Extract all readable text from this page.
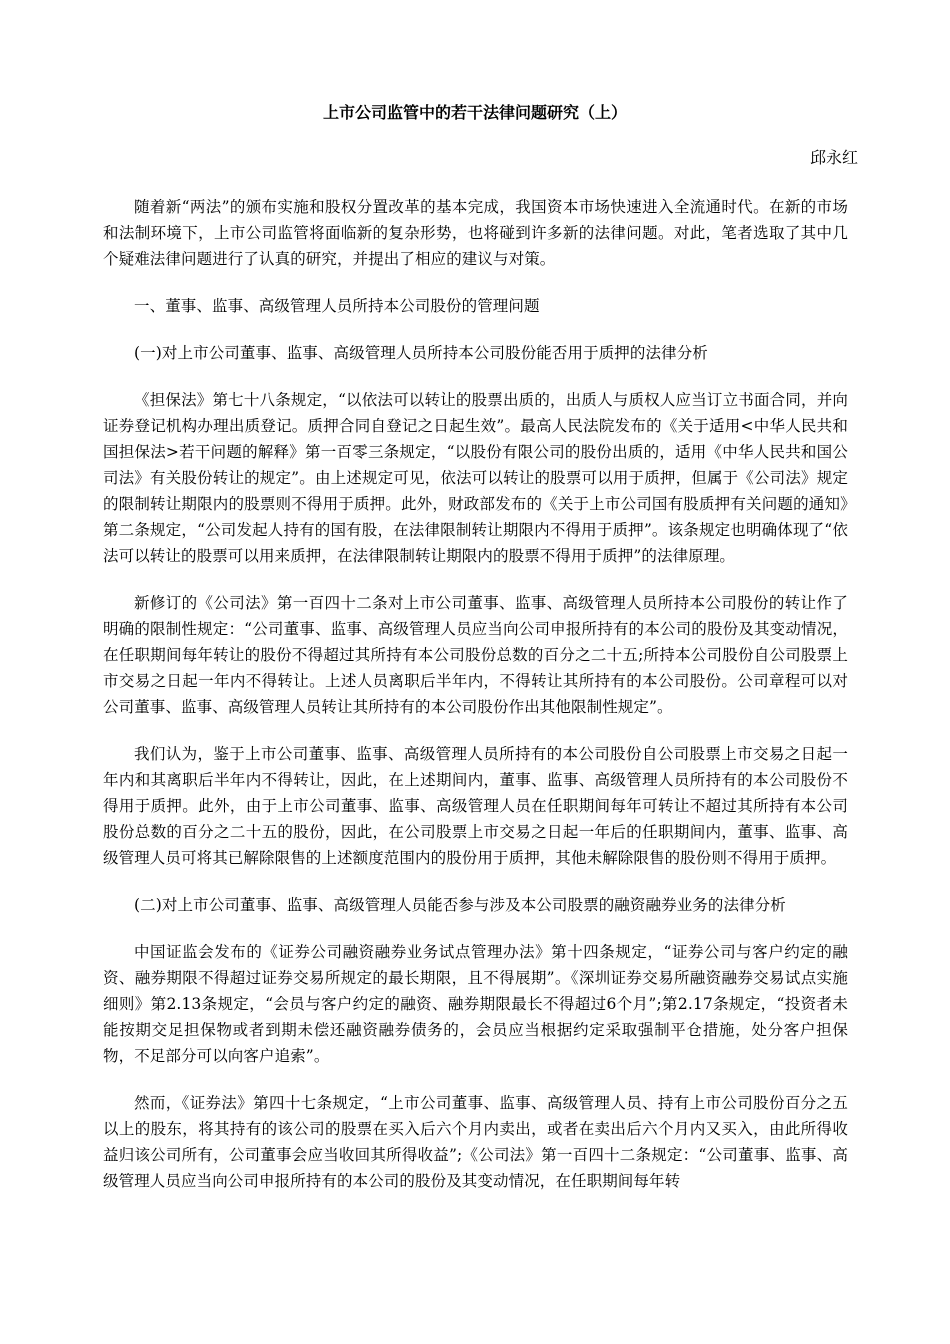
上市公司监管中的若干法律问题研究（上）
邱永红

随着新“两法”的颁布实施和股权分置改革的基本完成，我国资本市场快速进入全流通时代。在新的市场和法制环境下，上市公司监管将面临新的复杂形势，也将碰到许多新的法律问题。对此，笔者选取了其中几个疑难法律问题进行了认真的研究，并提出了相应的建议与对策。

一、董事、监事、高级管理人员所持本公司股份的管理问题

(一)对上市公司董事、监事、高级管理人员所持本公司股份能否用于质押的法律分析

《担保法》第七十八条规定，“以依法可以转让的股票出质的，出质人与质权人应当订立书面合同，并向证券登记机构办理出质登记。质押合同自登记之日起生效”。最高人民法院发布的《关于适用<中华人民共和国担保法>若干问题的解释》第一百零三条规定，“以股份有限公司的股份出质的，适用《中华人民共和国公司法》有关股份转让的规定”。由上述规定可见，依法可以转让的股票可以用于质押，但属于《公司法》规定的限制转让期限内的股票则不得用于质押。此外，财政部发布的《关于上市公司国有股质押有关问题的通知》第二条规定，“公司发起人持有的国有股，在法律限制转让期限内不得用于质押”。该条规定也明确体现了“依法可以转让的股票可以用来质押，在法律限制转让期限内的股票不得用于质押”的法律原理。

新修订的《公司法》第一百四十二条对上市公司董事、监事、高级管理人员所持本公司股份的转让作了明确的限制性规定：“公司董事、监事、高级管理人员应当向公司申报所持有的本公司的股份及其变动情况，在任职期间每年转让的股份不得超过其所持有本公司股份总数的百分之二十五;所持本公司股份自公司股票上市交易之日起一年内不得转让。上述人员离职后半年内，不得转让其所持有的本公司股份。公司章程可以对公司董事、监事、高级管理人员转让其所持有的本公司股份作出其他限制性规定”。

我们认为，鉴于上市公司董事、监事、高级管理人员所持有的本公司股份自公司股票上市交易之日起一年内和其离职后半年内不得转让，因此，在上述期间内，董事、监事、高级管理人员所持有的本公司股份不得用于质押。此外，由于上市公司董事、监事、高级管理人员在任职期间每年可转让不超过其所持有本公司股份总数的百分之二十五的股份，因此，在公司股票上市交易之日起一年后的任职期间内，董事、监事、高级管理人员可将其已解除限售的上述额度范围内的股份用于质押，其他未解除限售的股份则不得用于质押。

(二)对上市公司董事、监事、高级管理人员能否参与涉及本公司股票的融资融券业务的法律分析

中国证监会发布的《证券公司融资融券业务试点管理办法》第十四条规定，“证券公司与客户约定的融资、融券期限不得超过证券交易所规定的最长期限，且不得展期”。《深圳证券交易所融资融券交易试点实施细则》第2.13条规定，“会员与客户约定的融资、融券期限最长不得超过6个月”;第2.17条规定，“投资者未能按期交足担保物或者到期未偿还融资融券债务的，会员应当根据约定采取强制平仓措施，处分客户担保物，不足部分可以向客户追索”。

然而，《证券法》第四十七条规定，“上市公司董事、监事、高级管理人员、持有上市公司股份百分之五以上的股东，将其持有的该公司的股票在买入后六个月内卖出，或者在卖出后六个月内又买入，由此所得收益归该公司所有，公司董事会应当收回其所得收益”;《公司法》第一百四十二条规定：“公司董事、监事、高级管理人员应当向公司申报所持有的本公司的股份及其变动情况，在任职期间每年转
